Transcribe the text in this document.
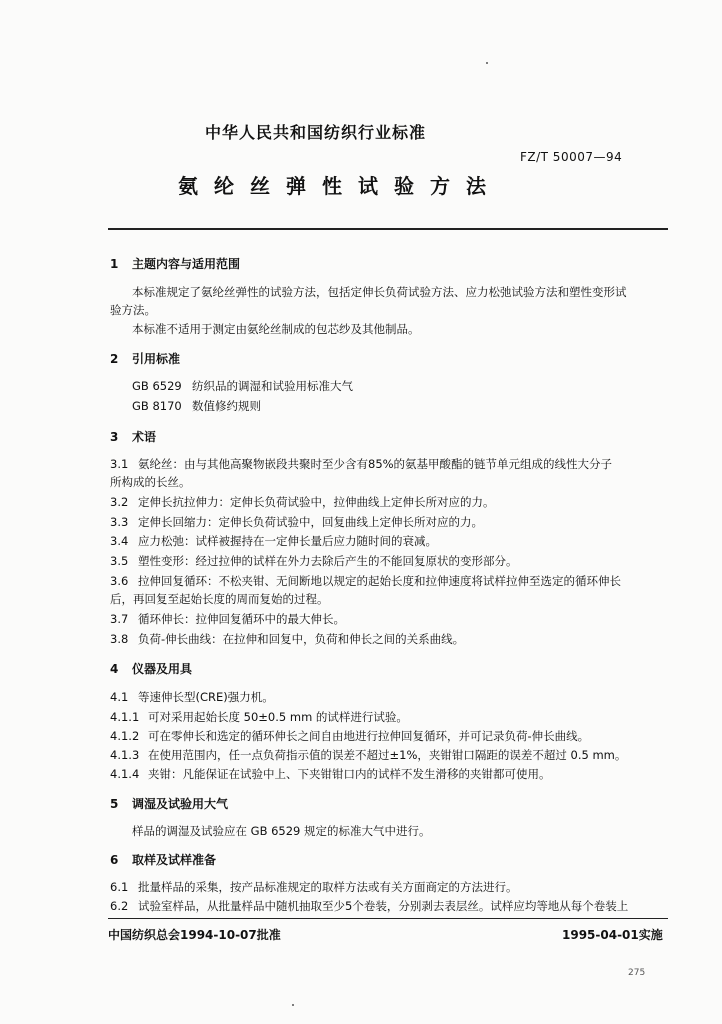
中华人民共和国纺织行业标准
FZ/T 50007—94
氨纶丝弹性试验方法
1 主题内容与适用范围
本标准规定了氨纶丝弹性的试验方法，包括定伸长负荷试验方法、应力松弛试验方法和塑性变形试
验方法。
本标准不适用于测定由氨纶丝制成的包芯纱及其他制品。
2 引用标准
GB 6529 纺织品的调湿和试验用标准大气
GB 8170 数值修约规则
3 术语
3.1 氨纶丝：由与其他高聚物嵌段共聚时至少含有85%的氨基甲酸酯的链节单元组成的线性大分子
所构成的长丝。
3.2 定伸长抗拉伸力：定伸长负荷试验中，拉伸曲线上定伸长所对应的力。
3.3 定伸长回缩力：定伸长负荷试验中，回复曲线上定伸长所对应的力。
3.4 应力松弛：试样被握持在一定伸长量后应力随时间的衰减。
3.5 塑性变形：经过拉伸的试样在外力去除后产生的不能回复原状的变形部分。
3.6 拉伸回复循环：不松夹钳、无间断地以规定的起始长度和拉伸速度将试样拉伸至选定的循环伸长
后，再回复至起始长度的周而复始的过程。
3.7 循环伸长：拉伸回复循环中的最大伸长。
3.8 负荷-伸长曲线：在拉伸和回复中，负荷和伸长之间的关系曲线。
4 仪器及用具
4.1 等速伸长型(CRE)强力机。
4.1.1 可对采用起始长度 50±0.5 mm 的试样进行试验。
4.1.2 可在零伸长和选定的循环伸长之间自由地进行拉伸回复循环，并可记录负荷-伸长曲线。
4.1.3 在使用范围内，任一点负荷指示值的误差不超过±1%，夹钳钳口隔距的误差不超过 0.5 mm。
4.1.4 夹钳：凡能保证在试验中上、下夹钳钳口内的试样不发生滑移的夹钳都可使用。
5 调湿及试验用大气
样品的调湿及试验应在 GB 6529 规定的标准大气中进行。
6 取样及试样准备
6.1 批量样品的采集，按产品标准规定的取样方法或有关方面商定的方法进行。
6.2 试验室样品，从批量样品中随机抽取至少5个卷装，分别剥去表层丝。试样应均等地从每个卷装上
中国纺织总会1994-10-07批准	1995-04-01实施
275
